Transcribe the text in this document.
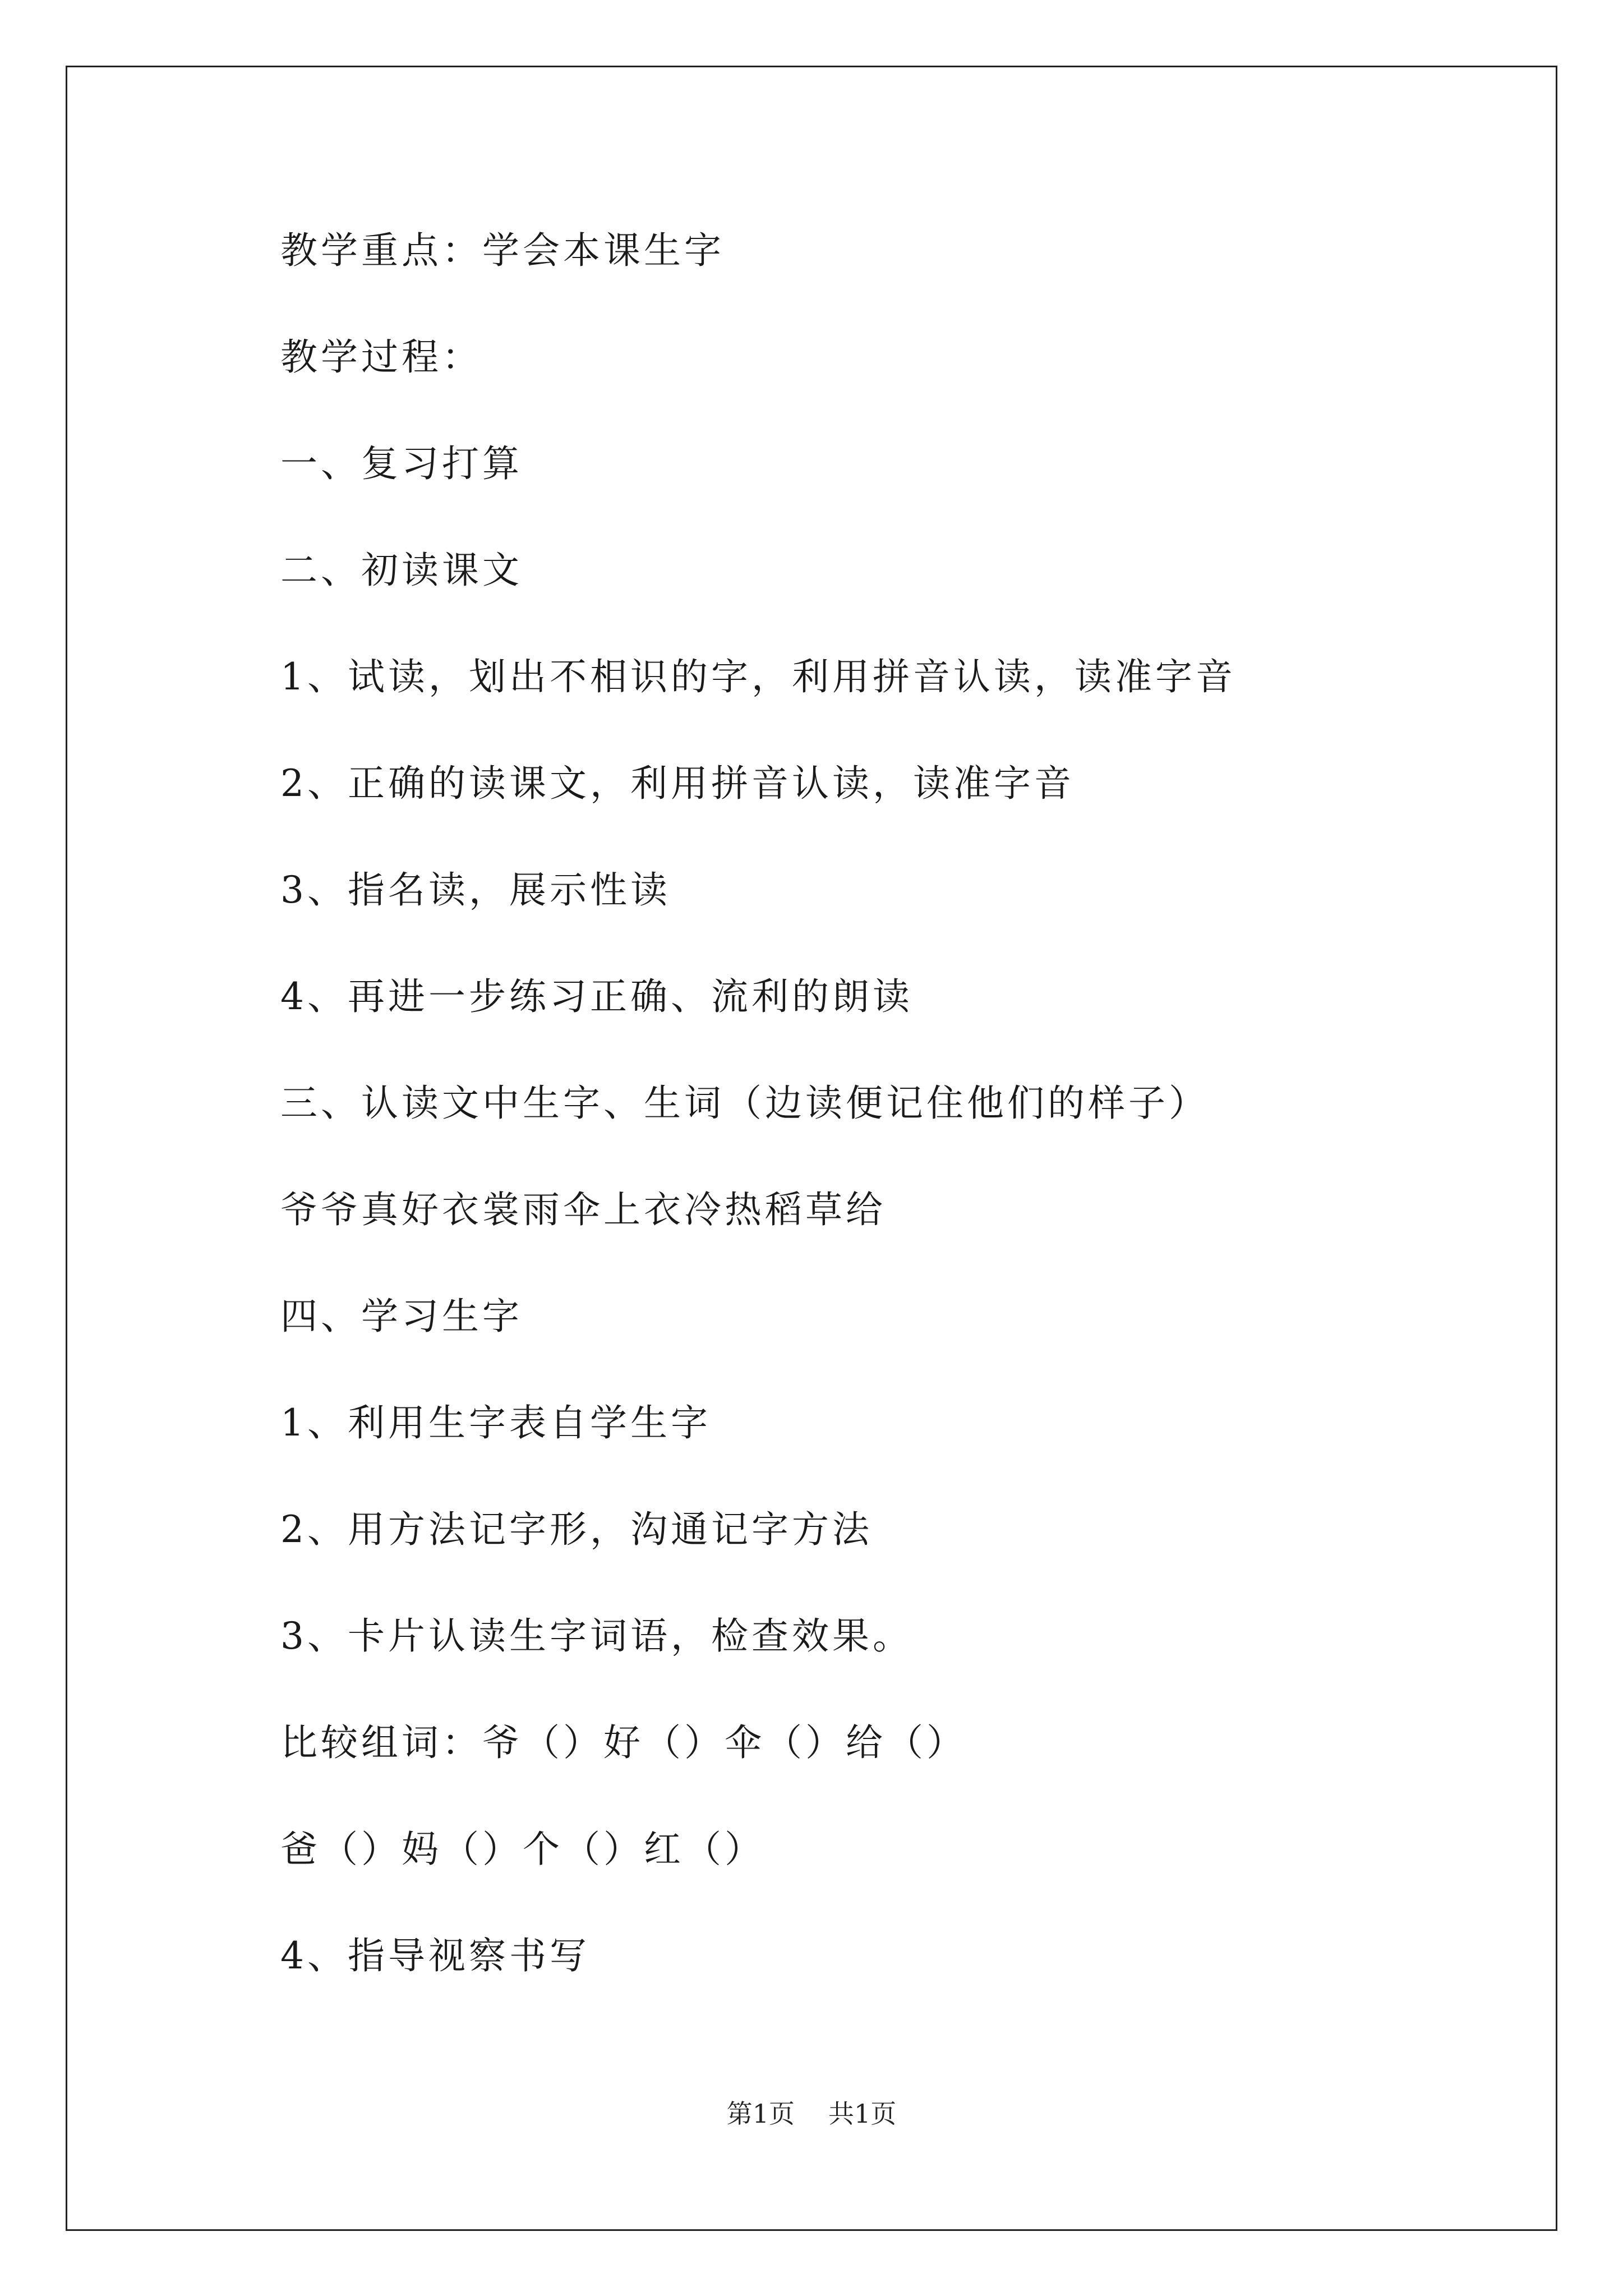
教学重点：学会本课生字
教学过程：
一、复习打算
二、初读课文
1、试读，划出不相识的字，利用拼音认读，读准字音
2、正确的读课文，利用拼音认读，读准字音
3、指名读，展示性读
4、再进一步练习正确、流利的朗读
三、认读文中生字、生词（边读便记住他们的样子）
爷爷真好衣裳雨伞上衣冷热稻草给
四、学习生字
1、利用生字表自学生字
2、用方法记字形，沟通记字方法
3、卡片认读生字词语，检查效果。
比较组词：爷（）好（）伞（）给（）
爸（）妈（）个（）红（）
4、指导视察书写
第1页 共1页
